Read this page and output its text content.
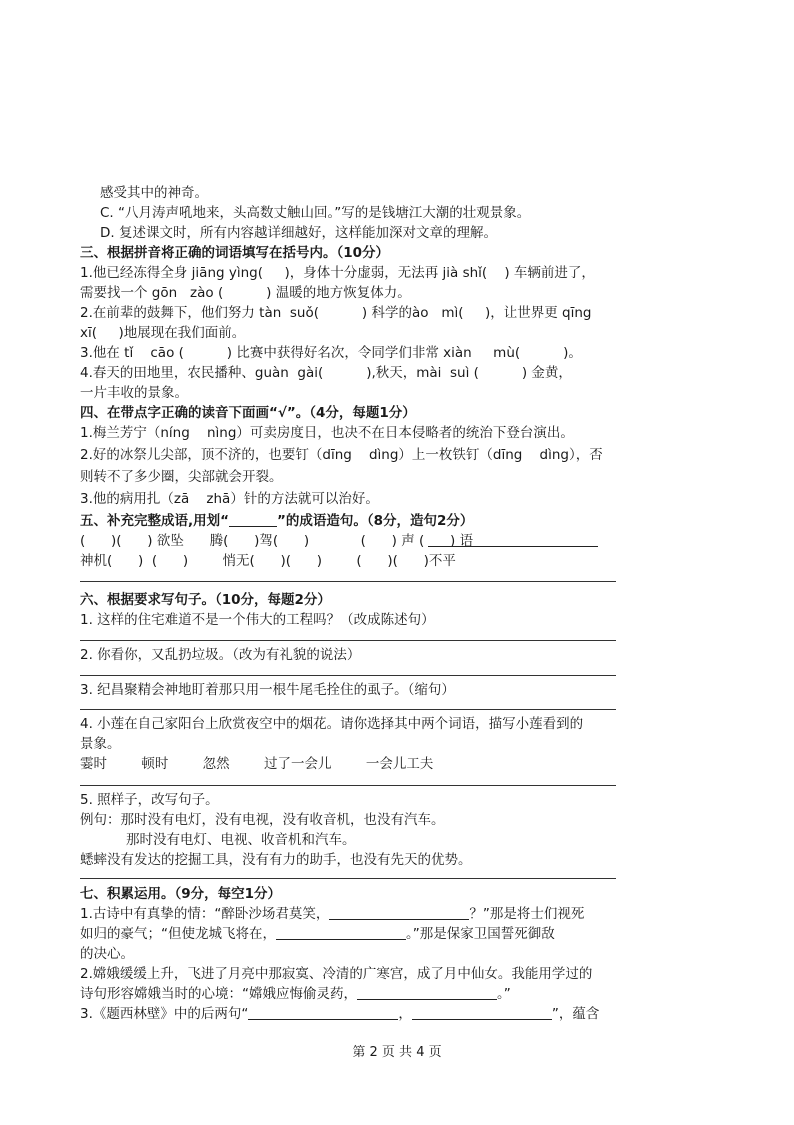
感受其中的神奇。
C. “八月涛声吼地来，头高数丈触山回。”写的是钱塘江大潮的壮观景象。
D. 复述课文时，所有内容越详细越好，这样能加深对文章的理解。
三、根据拼音将正确的词语填写在括号内。（10分）
1.他已经冻得全身 jiāng yìng(     )，身体十分虚弱，无法再 jià shǐ(    ) 车辆前进了，
需要找一个 gōn   zào (          ) 温暖的地方恢复体力。
2.在前辈的鼓舞下，他们努力 tàn  suǒ(          ) 科学的ào   mì(     )，让世界更 qīng
xī(     )地展现在我们面前。
3.他在 tǐ    cāo (          ) 比赛中获得好名次，令同学们非常 xiàn     mù(          )。
4.春天的田地里，农民播种、guàn  gài(          ),秋天，mài  suì (          ) 金黄，
一片丰收的景象。
四、在带点字正确的读音下面画“√”。（4分，每题1分）
1.梅兰芳宁（níng    nìng）可卖房度日，也决不在日本侵略者的统治下登台演出。
2.好的冰祭儿尖部，顶不济的，也要钉（dīng    dìng）上一枚铁钉（dīng    dìng），否
则转不了多少圈，尖部就会开裂。
3.他的病用扎（zā    zhā）针的方法就可以治好。
五、补充完整成语,用划“	”的成语造句。（8分，造句2分）
(      )(      ) 欲坠      腾(      )驾(      )            (      ) 声 (      ) 语
神机(      )  (      )        悄无(      )(      )        (      )(      )不平
六、根据要求写句子。（10分，每题2分）
1. 这样的住宅难道不是一个伟大的工程吗？（改成陈述句）
2. 你看你，又乱扔垃圾。（改为有礼貌的说法）
3. 纪昌聚精会神地盯着那只用一根牛尾毛拴住的虱子。（缩句）
4. 小莲在自己家阳台上欣赏夜空中的烟花。请你选择其中两个词语，描写小莲看到的
景象。
霎时        顿时        忽然        过了一会儿        一会儿工夫
5. 照样子，改写句子。
例句：那时没有电灯，没有电视，没有收音机，也没有汽车。
那时没有电灯、电视、收音机和汽车。
蟋蟀没有发达的挖掘工具，没有有力的助手，也没有先天的优势。
七、积累运用。（9分，每空1分）
1.古诗中有真挚的情：“醉卧沙场君莫笑，	？”那是将士们视死
如归的豪气；“但使龙城飞将在，	。”那是保家卫国誓死御敌
的决心。
2.嫦娥缓缓上升，飞进了月亮中那寂寞、冷清的广寒宫，成了月中仙女。我能用学过的
诗句形容嫦娥当时的心境：“嫦娥应悔偷灵药，	。”
3.《题西林壁》中的后两句“	，	”，蕴含
第 2 页 共 4 页
